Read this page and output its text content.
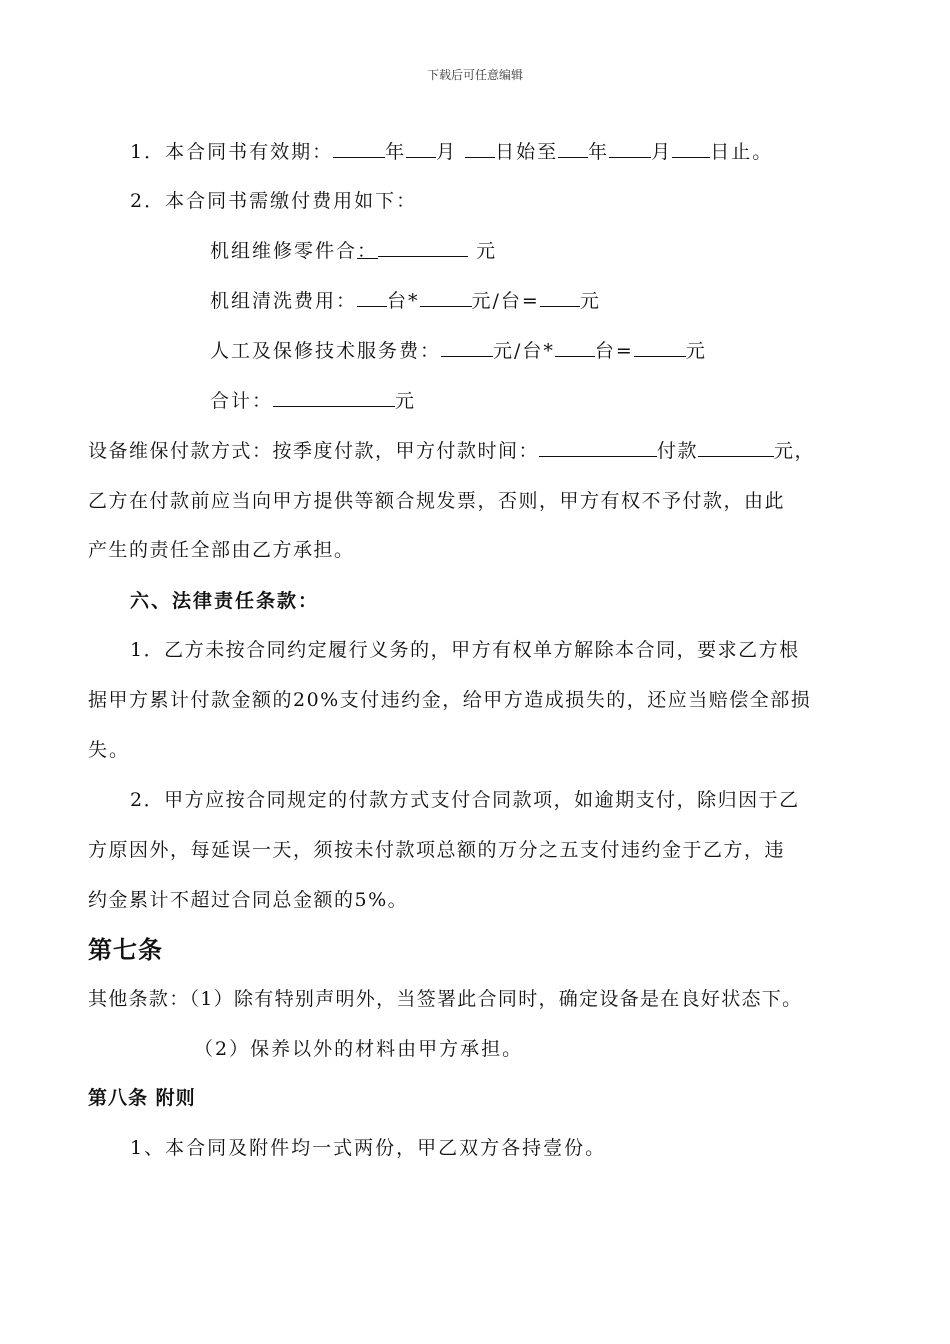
下载后可任意编辑
1．本合同书有效期：	年 月 日始至 年 月 日止。
2．本合同书需缴付费用如下：
机组维修零件合：	元
机组清洗费用： 台*	元/台= 元
人工及保修技术服务费：	元/台* 台=	元
合计：	元
设备维保付款方式：按季度付款，甲方付款时间：	付款	元，
乙方在付款前应当向甲方提供等额合规发票，否则，甲方有权不予付款，由此
产生的责任全部由乙方承担。
六、法律责任条款：
1．乙方未按合同约定履行义务的，甲方有权单方解除本合同，要求乙方根
据甲方累计付款金额的20%支付违约金，给甲方造成损失的，还应当赔偿全部损
失。
2．甲方应按合同规定的付款方式支付合同款项，如逾期支付，除归因于乙
方原因外，每延误一天，须按未付款项总额的万分之五支付违约金于乙方，违
约金累计不超过合同总金额的5%。
第七条
其他条款：（1）除有特别声明外，当签署此合同时，确定设备是在良好状态下。
（2）保养以外的材料由甲方承担。
第八条 附则
1、本合同及附件均一式两份，甲乙双方各持壹份。
